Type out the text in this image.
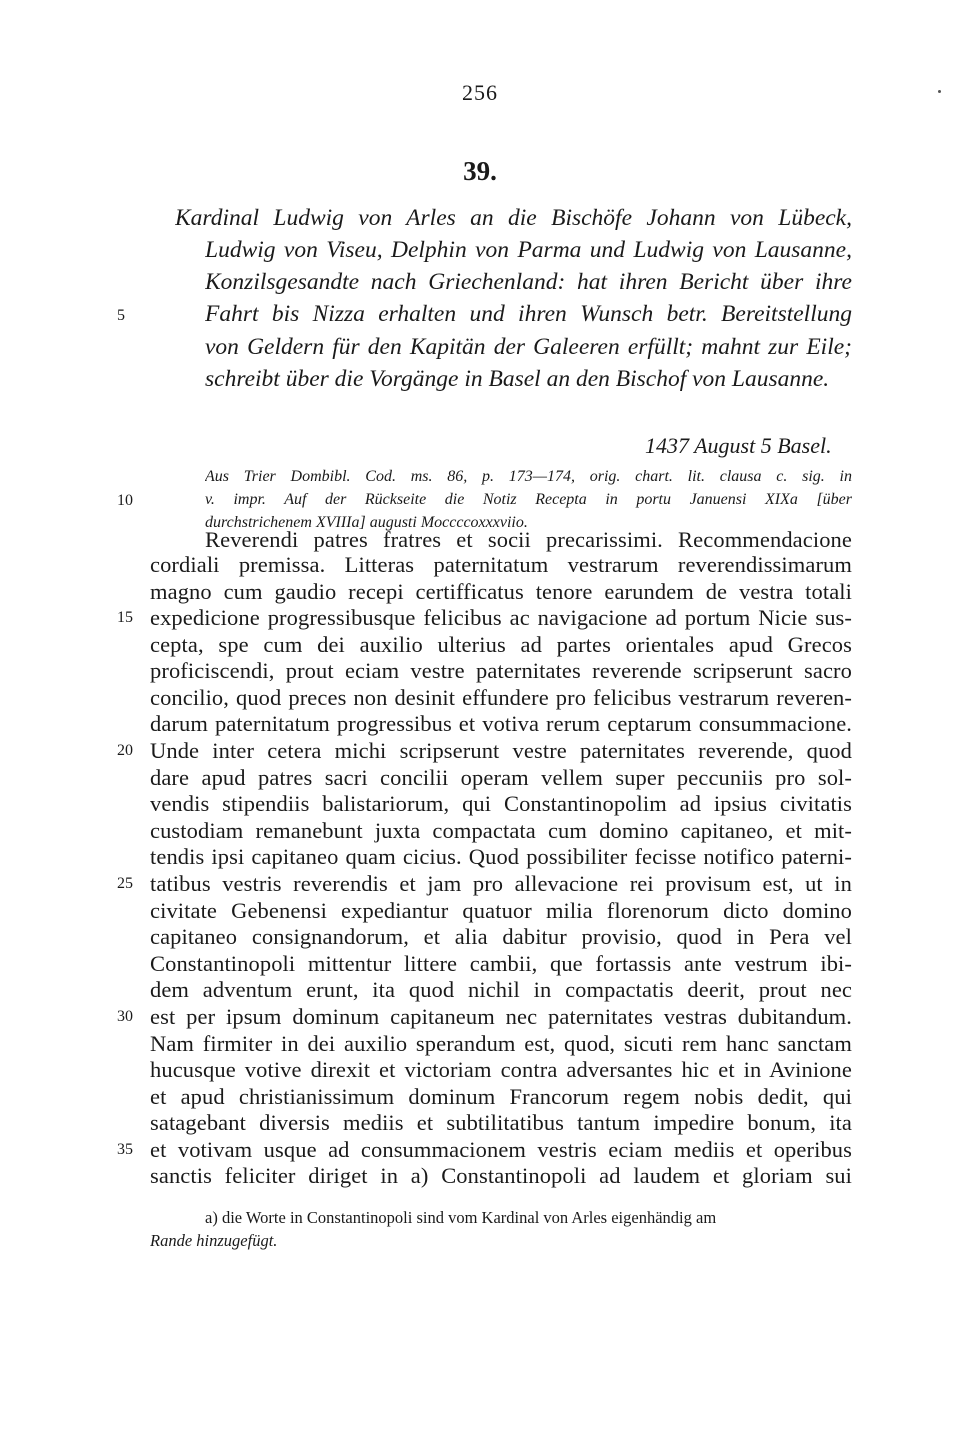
256
39.
Kardinal Ludwig von Arles an die Bischöfe Johann von Lübeck,
Ludwig von Viseu, Delphin von Parma und Ludwig von Lausanne,
Konzilsgesandte nach Griechenland: hat ihren Bericht über ihre
Fahrt bis Nizza erhalten und ihren Wunsch betr. Bereitstellung
von Geldern für den Kapitän der Galeeren erfüllt; mahnt zur Eile;
schreibt über die Vorgänge in Basel an den Bischof von Lausanne.
1437 August 5 Basel.
Aus Trier Dombibl. Cod. ms. 86, p. 173—174, orig. chart. lit. clausa c. sig. in
v. impr. Auf der Rückseite die Notiz Recepta in portu Januensi XIXa [über
durchstrichenem XVIIIa] augusti Moccccoxxxviio.
Reverendi patres fratres et socii precarissimi. Recommendacione
cordiali premissa. Litteras paternitatum vestrarum reverendissimarum
magno cum gaudio recepi certifficatus tenore earundem de vestra totali
expedicione progressibusque felicibus ac navigacione ad portum Nicie sus-
cepta, spe cum dei auxilio ulterius ad partes orientales apud Grecos
proficiscendi, prout eciam vestre paternitates reverende scripserunt sacro
concilio, quod preces non desinit effundere pro felicibus vestrarum reveren-
darum paternitatum progressibus et votiva rerum ceptarum consummacione.
Unde inter cetera michi scripserunt vestre paternitates reverende, quod
dare apud patres sacri concilii operam vellem super peccuniis pro sol-
vendis stipendiis balistariorum, qui Constantinopolim ad ipsius civitatis
custodiam remanebunt juxta compactata cum domino capitaneo, et mit-
tendis ipsi capitaneo quam cicius. Quod possibiliter fecisse notifico paterni-
tatibus vestris reverendis et jam pro allevacione rei provisum est, ut in
civitate Gebenensi expediantur quatuor milia florenorum dicto domino
capitaneo consignandorum, et alia dabitur provisio, quod in Pera vel
Constantinopoli mittentur littere cambii, que fortassis ante vestrum ibi-
dem adventum erunt, ita quod nichil in compactatis deerit, prout nec
est per ipsum dominum capitaneum nec paternitates vestras dubitandum.
Nam firmiter in dei auxilio sperandum est, quod, sicuti rem hanc sanctam
hucusque votive direxit et victoriam contra adversantes hic et in Avinione
et apud christianissimum dominum Francorum regem nobis dedit, qui
satagebant diversis mediis et subtilitatibus tantum impedire bonum, ita
et votivam usque ad consummacionem vestris eciam mediis et operibus
sanctis feliciter diriget in a) Constantinopoli ad laudem et gloriam sui
a) die Worte in Constantinopoli sind vom Kardinal von Arles eigenhändig am
Rande hinzugefügt.
5
10
15
20
25
30
35
